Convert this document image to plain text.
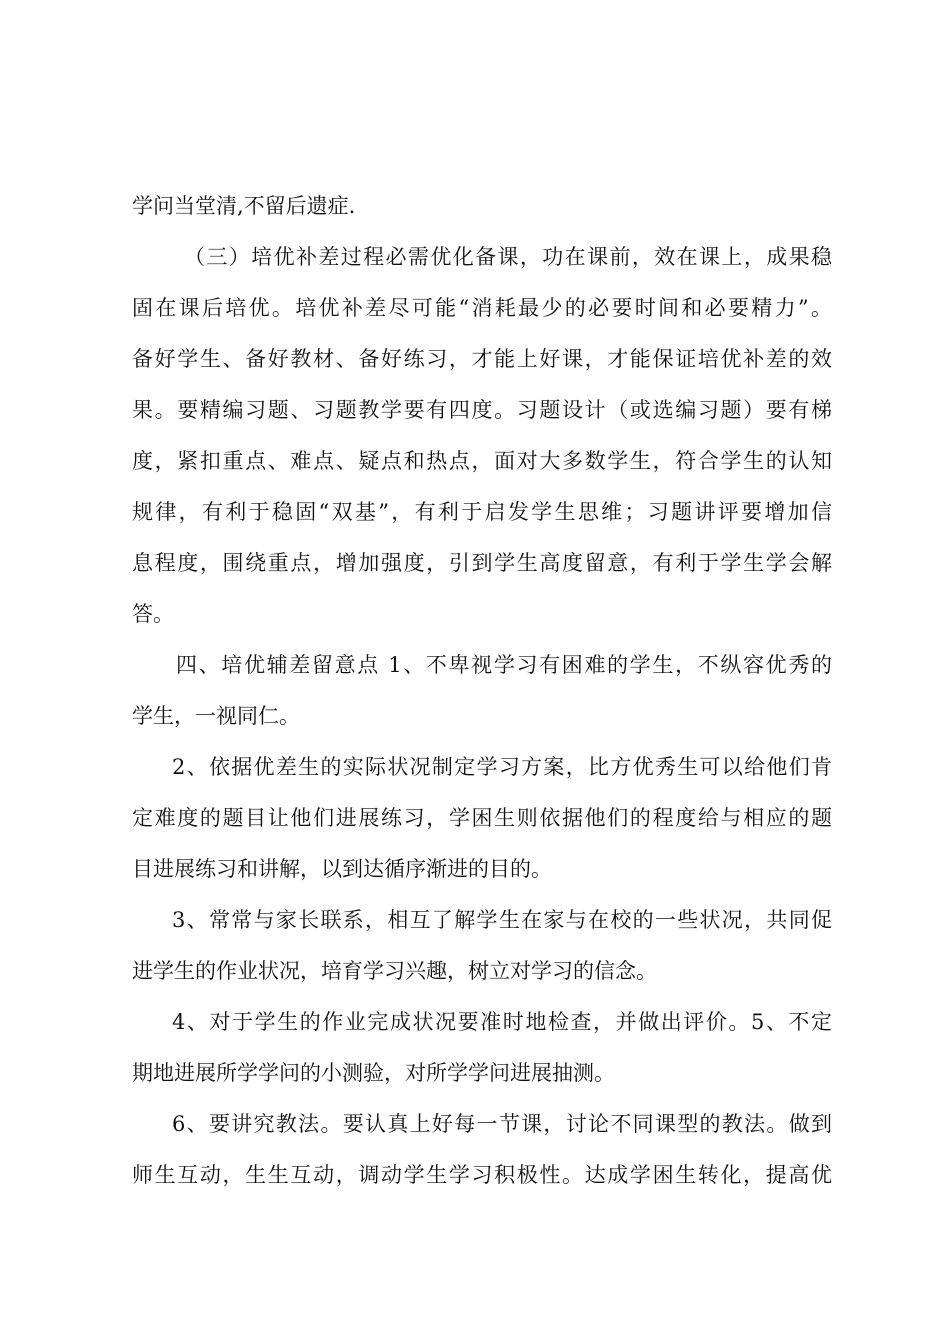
学问当堂清,不留后遗症.
（三）培优补差过程必需优化备课，功在课前，效在课上，成果稳
固在课后培优。培优补差尽可能“消耗最少的必要时间和必要精力”。
备好学生、备好教材、备好练习，才能上好课，才能保证培优补差的效
果。要精编习题、习题教学要有四度。习题设计（或选编习题）要有梯
度，紧扣重点、难点、疑点和热点，面对大多数学生，符合学生的认知
规律，有利于稳固“双基”，有利于启发学生思维；习题讲评要增加信
息程度，围绕重点，增加强度，引到学生高度留意，有利于学生学会解
答。
四、培优辅差留意点 1、不卑视学习有困难的学生，不纵容优秀的
学生，一视同仁。
2、依据优差生的实际状况制定学习方案，比方优秀生可以给他们肯
定难度的题目让他们进展练习，学困生则依据他们的程度给与相应的题
目进展练习和讲解，以到达循序渐进的目的。
3、常常与家长联系，相互了解学生在家与在校的一些状况，共同促
进学生的作业状况，培育学习兴趣，树立对学习的信念。
4、对于学生的作业完成状况要准时地检查，并做出评价。5、不定
期地进展所学学问的小测验，对所学学问进展抽测。
6、要讲究教法。要认真上好每一节课，讨论不同课型的教法。做到
师生互动，生生互动，调动学生学习积极性。达成学困生转化，提高优
